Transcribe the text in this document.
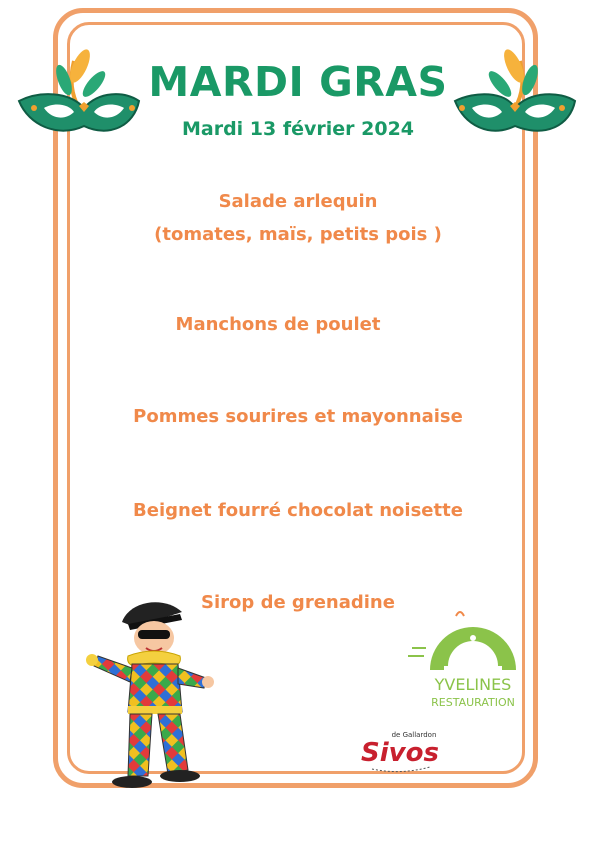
MARDI GRAS
Mardi 13 février 2024
Salade arlequin
(tomates, maïs, petits pois )
Manchons de poulet
Pommes sourires et mayonnaise
Beignet fourré chocolat noisette
Sirop de grenadine
YVELINES
RESTAURATION
de Gallardon
Sivos
